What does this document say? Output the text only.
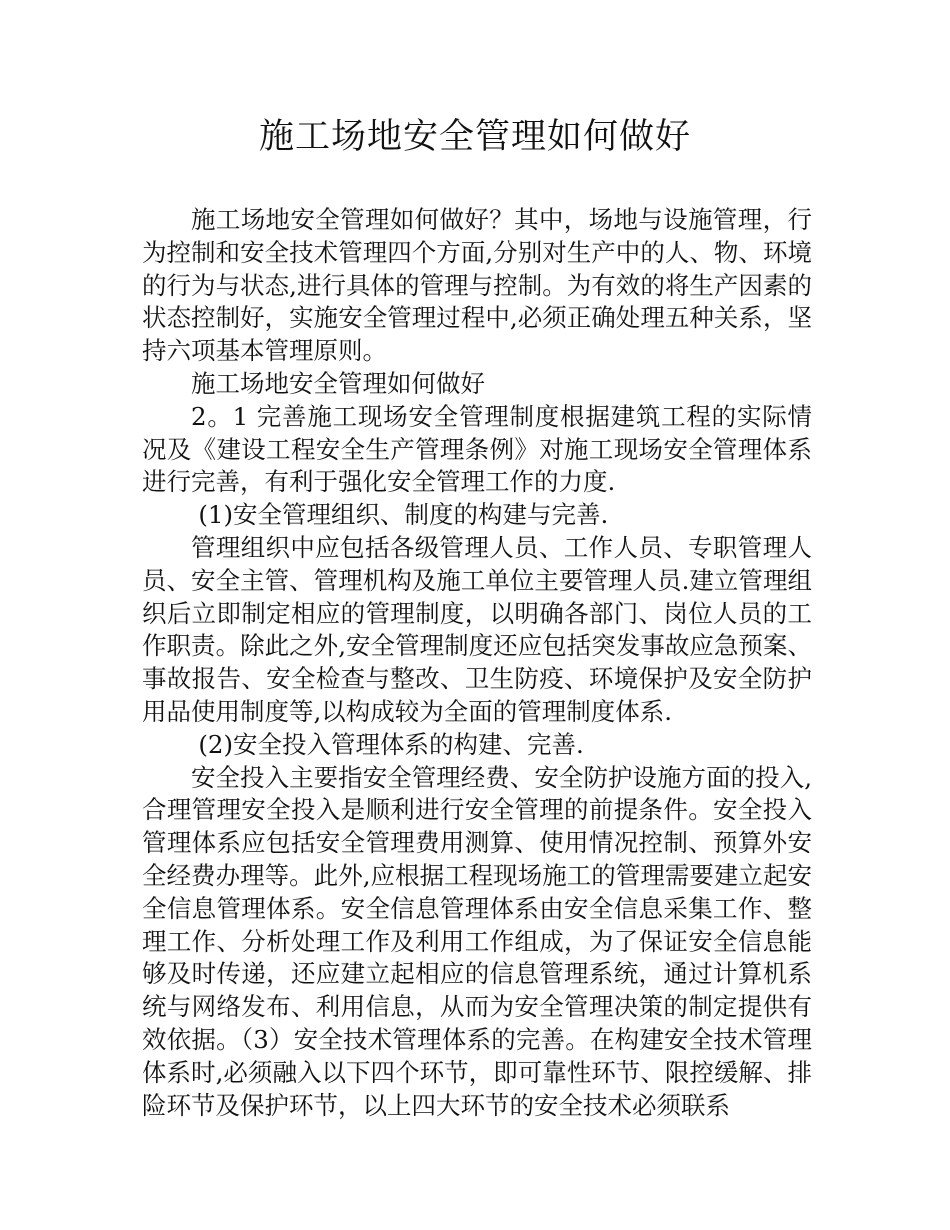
施工场地安全管理如何做好

施工场地安全管理如何做好？其中，场地与设施管理，行为控制和安全技术管理四个方面,分别对生产中的人、物、环境的行为与状态,进行具体的管理与控制。为有效的将生产因素的状态控制好，实施安全管理过程中,必须正确处理五种关系，坚持六项基本管理原则。

施工场地安全管理如何做好

2。1 完善施工现场安全管理制度根据建筑工程的实际情况及《建设工程安全生产管理条例》对施工现场安全管理体系进行完善，有利于强化安全管理工作的力度.

(1)安全管理组织、制度的构建与完善.

管理组织中应包括各级管理人员、工作人员、专职管理人员、安全主管、管理机构及施工单位主要管理人员.建立管理组织后立即制定相应的管理制度，以明确各部门、岗位人员的工作职责。除此之外,安全管理制度还应包括突发事故应急预案、事故报告、安全检查与整改、卫生防疫、环境保护及安全防护用品使用制度等,以构成较为全面的管理制度体系.

(2)安全投入管理体系的构建、完善.

安全投入主要指安全管理经费、安全防护设施方面的投入,合理管理安全投入是顺利进行安全管理的前提条件。安全投入管理体系应包括安全管理费用测算、使用情况控制、预算外安全经费办理等。此外,应根据工程现场施工的管理需要建立起安全信息管理体系。安全信息管理体系由安全信息采集工作、整理工作、分析处理工作及利用工作组成，为了保证安全信息能够及时传递，还应建立起相应的信息管理系统，通过计算机系统与网络发布、利用信息，从而为安全管理决策的制定提供有效依据。（3）安全技术管理体系的完善。在构建安全技术管理体系时,必须融入以下四个环节，即可靠性环节、限控缓解、排险环节及保护环节，以上四大环节的安全技术必须联系
